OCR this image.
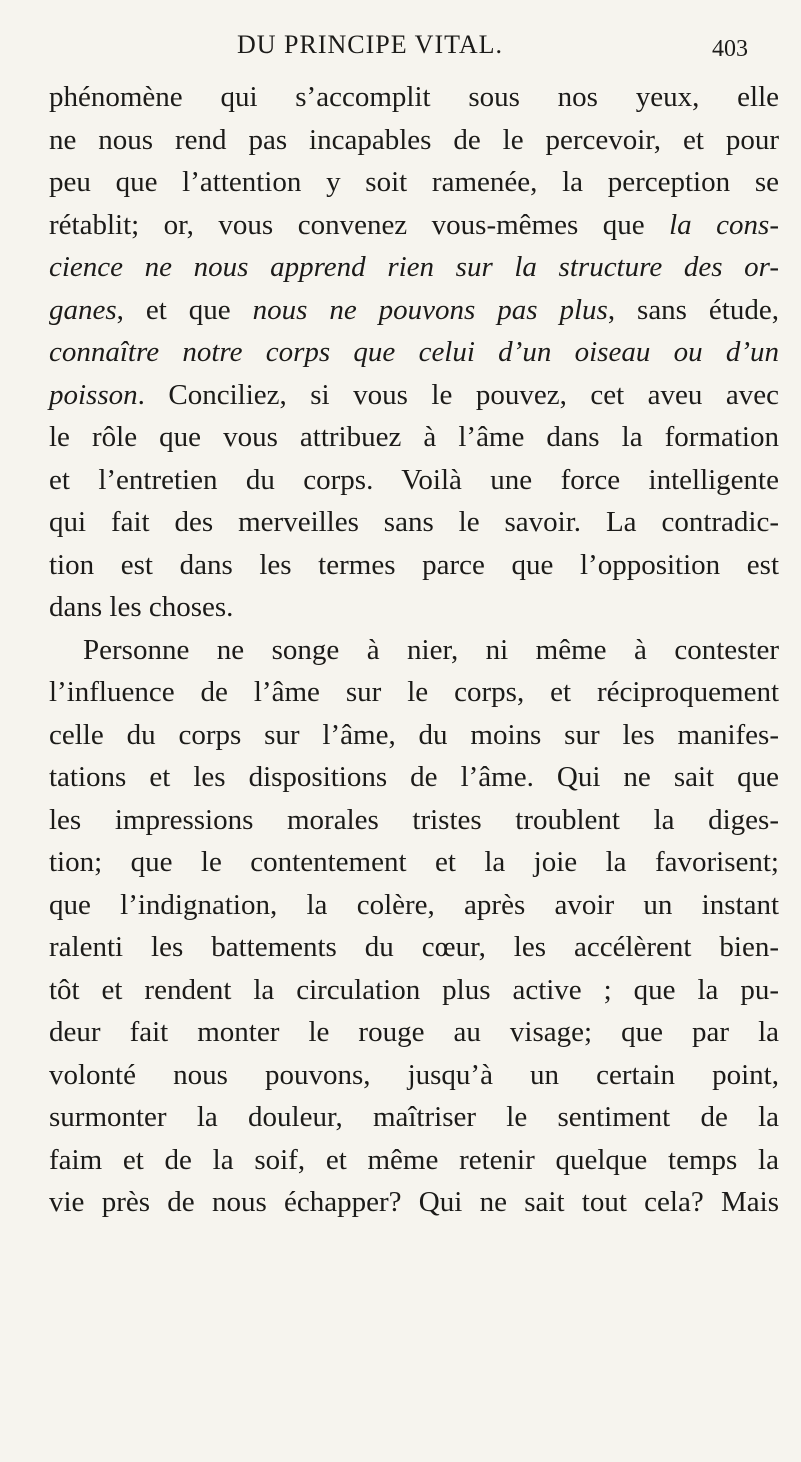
DU PRINCIPE VITAL.	403
phénomène qui s’accomplit sous nos yeux, elle
ne nous rend pas incapables de le percevoir, et pour
peu que l’attention y soit ramenée, la perception se
rétablit; or, vous convenez vous-mêmes que la cons-
cience ne nous apprend rien sur la structure des or-
ganes, et que nous ne pouvons pas plus, sans étude,
connaître notre corps que celui d’un oiseau ou d’un
poisson. Conciliez, si vous le pouvez, cet aveu avec
le rôle que vous attribuez à l’âme dans la formation
et l’entretien du corps. Voilà une force intelligente
qui fait des merveilles sans le savoir. La contradic-
tion est dans les termes parce que l’opposition est
dans les choses.
Personne ne songe à nier, ni même à contester
l’influence de l’âme sur le corps, et réciproquement
celle du corps sur l’âme, du moins sur les manifes-
tations et les dispositions de l’âme. Qui ne sait que
les impressions morales tristes troublent la diges-
tion; que le contentement et la joie la favorisent;
que l’indignation, la colère, après avoir un instant
ralenti les battements du cœur, les accélèrent bien-
tôt et rendent la circulation plus active ; que la pu-
deur fait monter le rouge au visage; que par la
volonté nous pouvons, jusqu’à un certain point,
surmonter la douleur, maîtriser le sentiment de la
faim et de la soif, et même retenir quelque temps la
vie près de nous échapper? Qui ne sait tout cela? Mais
